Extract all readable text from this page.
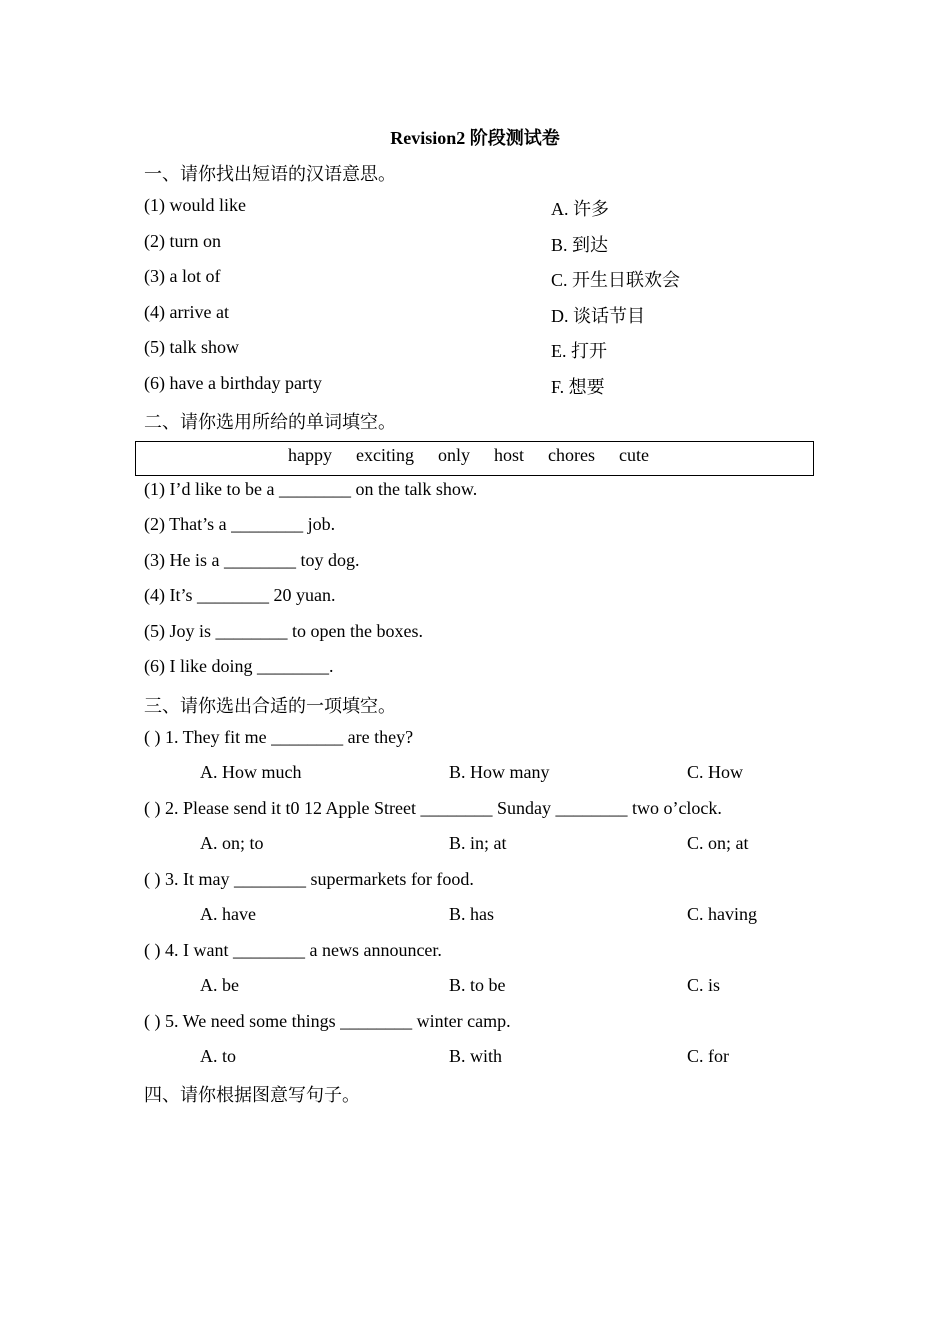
Revision2 阶段测试卷
一、请你找出短语的汉语意思。
(1) would like	A. 许多
(2) turn on	B. 到达
(3) a lot of	C. 开生日联欢会
(4) arrive at	D. 谈话节目
(5) talk show	E. 打开
(6) have a birthday party	F. 想要
二、请你选用所给的单词填空。
happy exciting only host chores cute
(1) I’d like to be a ________ on the talk show.
(2) That’s a ________ job.
(3) He is a ________ toy dog.
(4) It’s ________ 20 yuan.
(5) Joy is ________ to open the boxes.
(6) I like doing ________.
三、请你选出合适的一项填空。
( ) 1. They fit me ________ are they?
A. How much	B. How many	C. How
( ) 2. Please send it t0 12 Apple Street ________ Sunday ________ two o’clock.
A. on; to	B. in; at	C. on; at
( ) 3. It may ________ supermarkets for food.
A. have	B. has	C. having
( ) 4. I want ________ a news announcer.
A. be	B. to be	C. is
( ) 5. We need some things ________ winter camp.
A. to	B. with	C. for
四、请你根据图意写句子。
